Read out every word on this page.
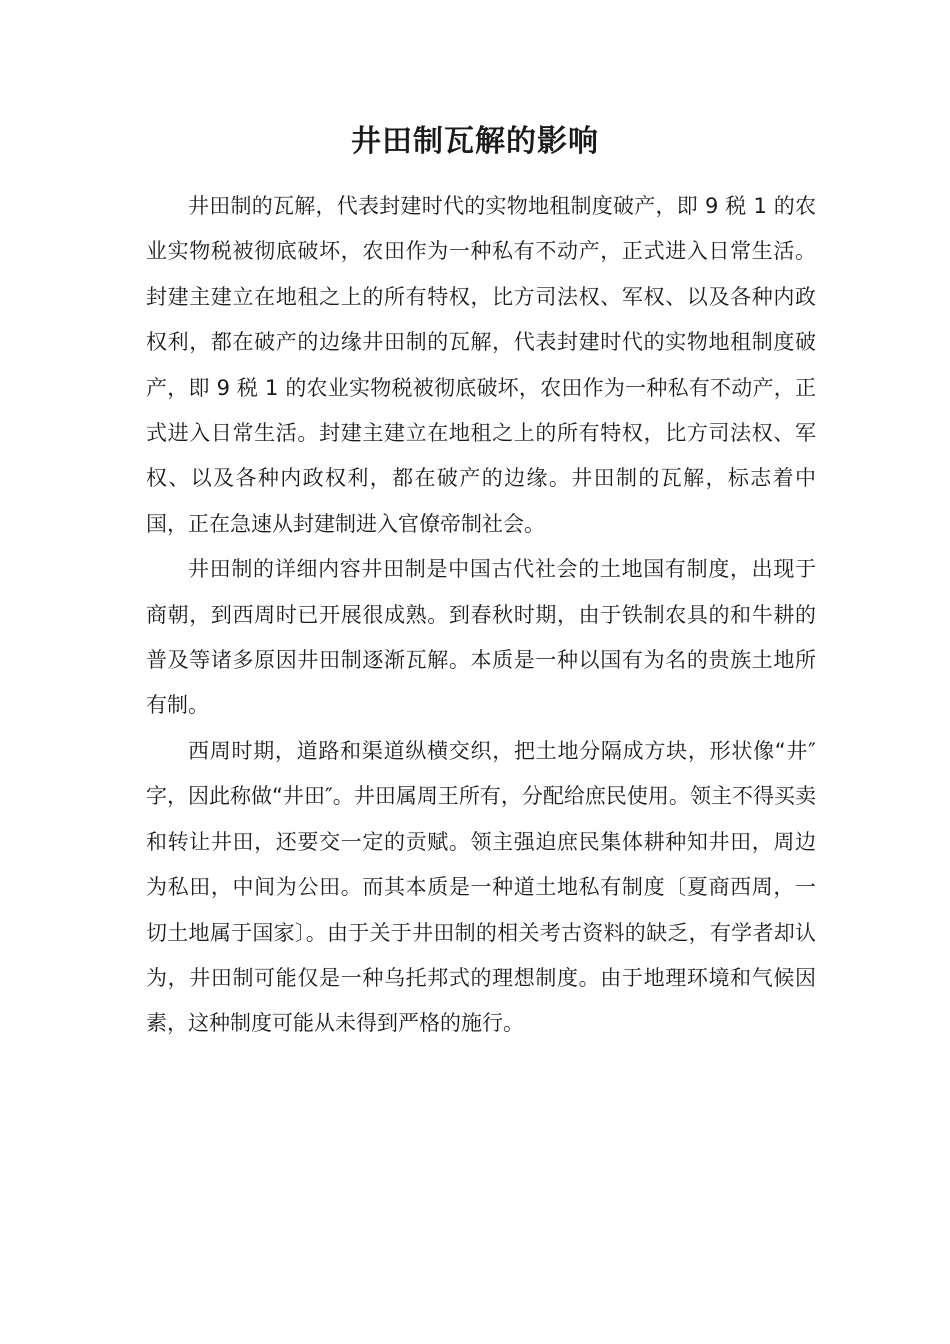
井田制瓦解的影响

井田制的瓦解，代表封建时代的实物地租制度破产，即 9 税 1 的农业实物税被彻底破坏，农田作为一种私有不动产，正式进入日常生活。封建主建立在地租之上的所有特权，比方司法权、军权、以及各种内政权利，都在破产的边缘井田制的瓦解，代表封建时代的实物地租制度破产，即 9 税 1 的农业实物税被彻底破坏，农田作为一种私有不动产，正式进入日常生活。封建主建立在地租之上的所有特权，比方司法权、军权、以及各种内政权利，都在破产的边缘。井田制的瓦解，标志着中国，正在急速从封建制进入官僚帝制社会。

井田制的详细内容井田制是中国古代社会的土地国有制度，出现于商朝，到西周时已开展很成熟。到春秋时期，由于铁制农具的和牛耕的普及等诸多原因井田制逐渐瓦解。本质是一种以国有为名的贵族土地所有制。

西周时期，道路和渠道纵横交织，把土地分隔成方块，形状像“井″字，因此称做“井田″。井田属周王所有，分配给庶民使用。领主不得买卖和转让井田，还要交一定的贡赋。领主强迫庶民集体耕种知井田，周边为私田，中间为公田。而其本质是一种道土地私有制度〔夏商西周，一切土地属于国家〕。由于关于井田制的相关考古资料的缺乏，有学者却认为，井田制可能仅是一种乌托邦式的理想制度。由于地理环境和气候因素，这种制度可能从未得到严格的施行。
